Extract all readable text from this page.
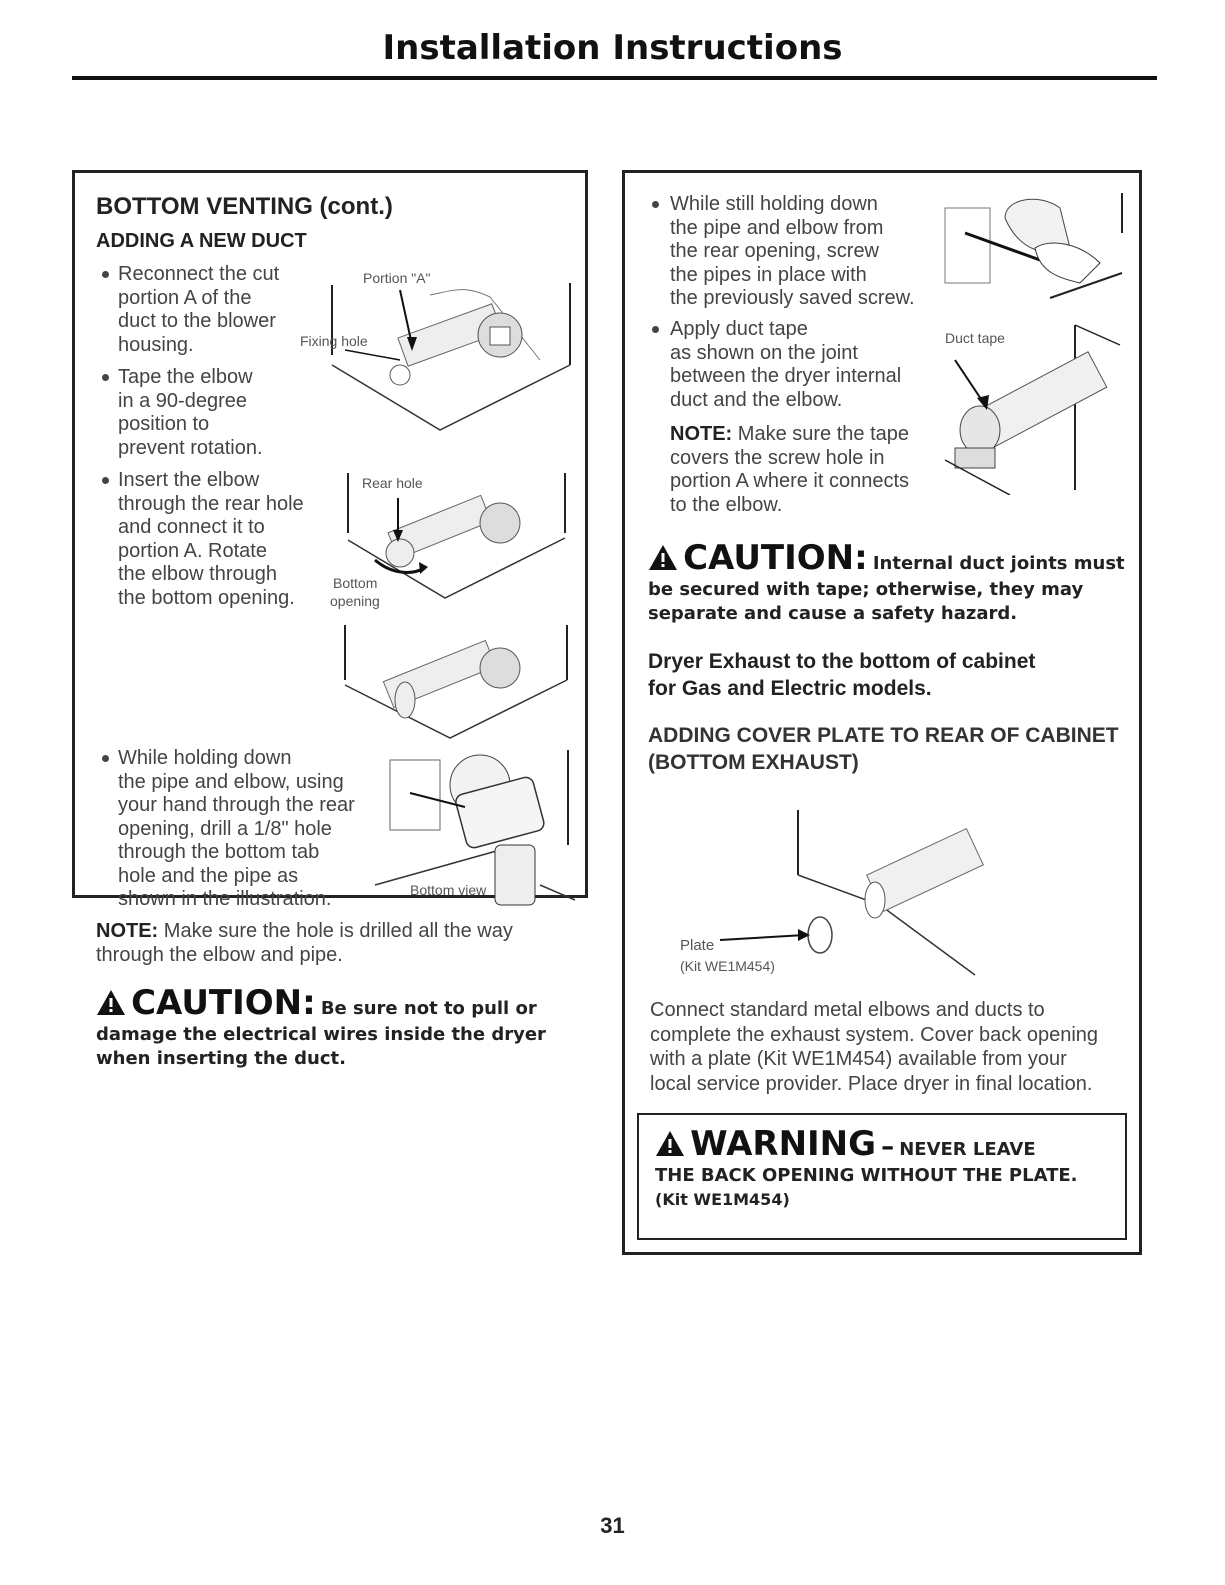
Installation Instructions
BOTTOM VENTING (cont.)
ADDING A NEW DUCT
Reconnect the cut
portion A of the
duct to the blower
housing.
Tape the elbow
in a 90-degree
position to
prevent rotation.
Insert the elbow
through the rear hole
and connect it to
portion A. Rotate
the elbow through
the bottom opening.
While holding down
the pipe and elbow, using
your hand through the rear
opening, drill a 1/8" hole
through the bottom tab
hole and the pipe as
shown in the illustration.
NOTE: Make sure the hole is drilled all the way
through the elbow and pipe.
Portion "A"
Fixing hole
Rear hole
Bottom
opening
Bottom view
CAUTION: Be sure not to pull or
damage the electrical wires inside the dryer
when inserting the duct.
While still holding down
the pipe and elbow from
the rear opening, screw
the pipes in place with
the previously saved screw.
Apply duct tape
as shown on the joint
between the dryer internal
duct and the elbow.
NOTE: Make sure the tape
covers the screw hole in
portion A where it connects
to the elbow.
Duct tape
CAUTION: Internal duct joints must
be secured with tape; otherwise, they may
separate and cause a safety hazard.
Dryer Exhaust to the bottom of cabinet
for Gas and Electric models.
ADDING COVER PLATE TO REAR OF CABINET
(BOTTOM EXHAUST)
Plate
(Kit WE1M454)
Connect standard metal elbows and ducts to
complete the exhaust system. Cover back opening
with a plate (Kit WE1M454) available from your
local service provider. Place dryer in final location.
WARNING – NEVER LEAVE
THE BACK OPENING WITHOUT THE PLATE.
(Kit WE1M454)
31
